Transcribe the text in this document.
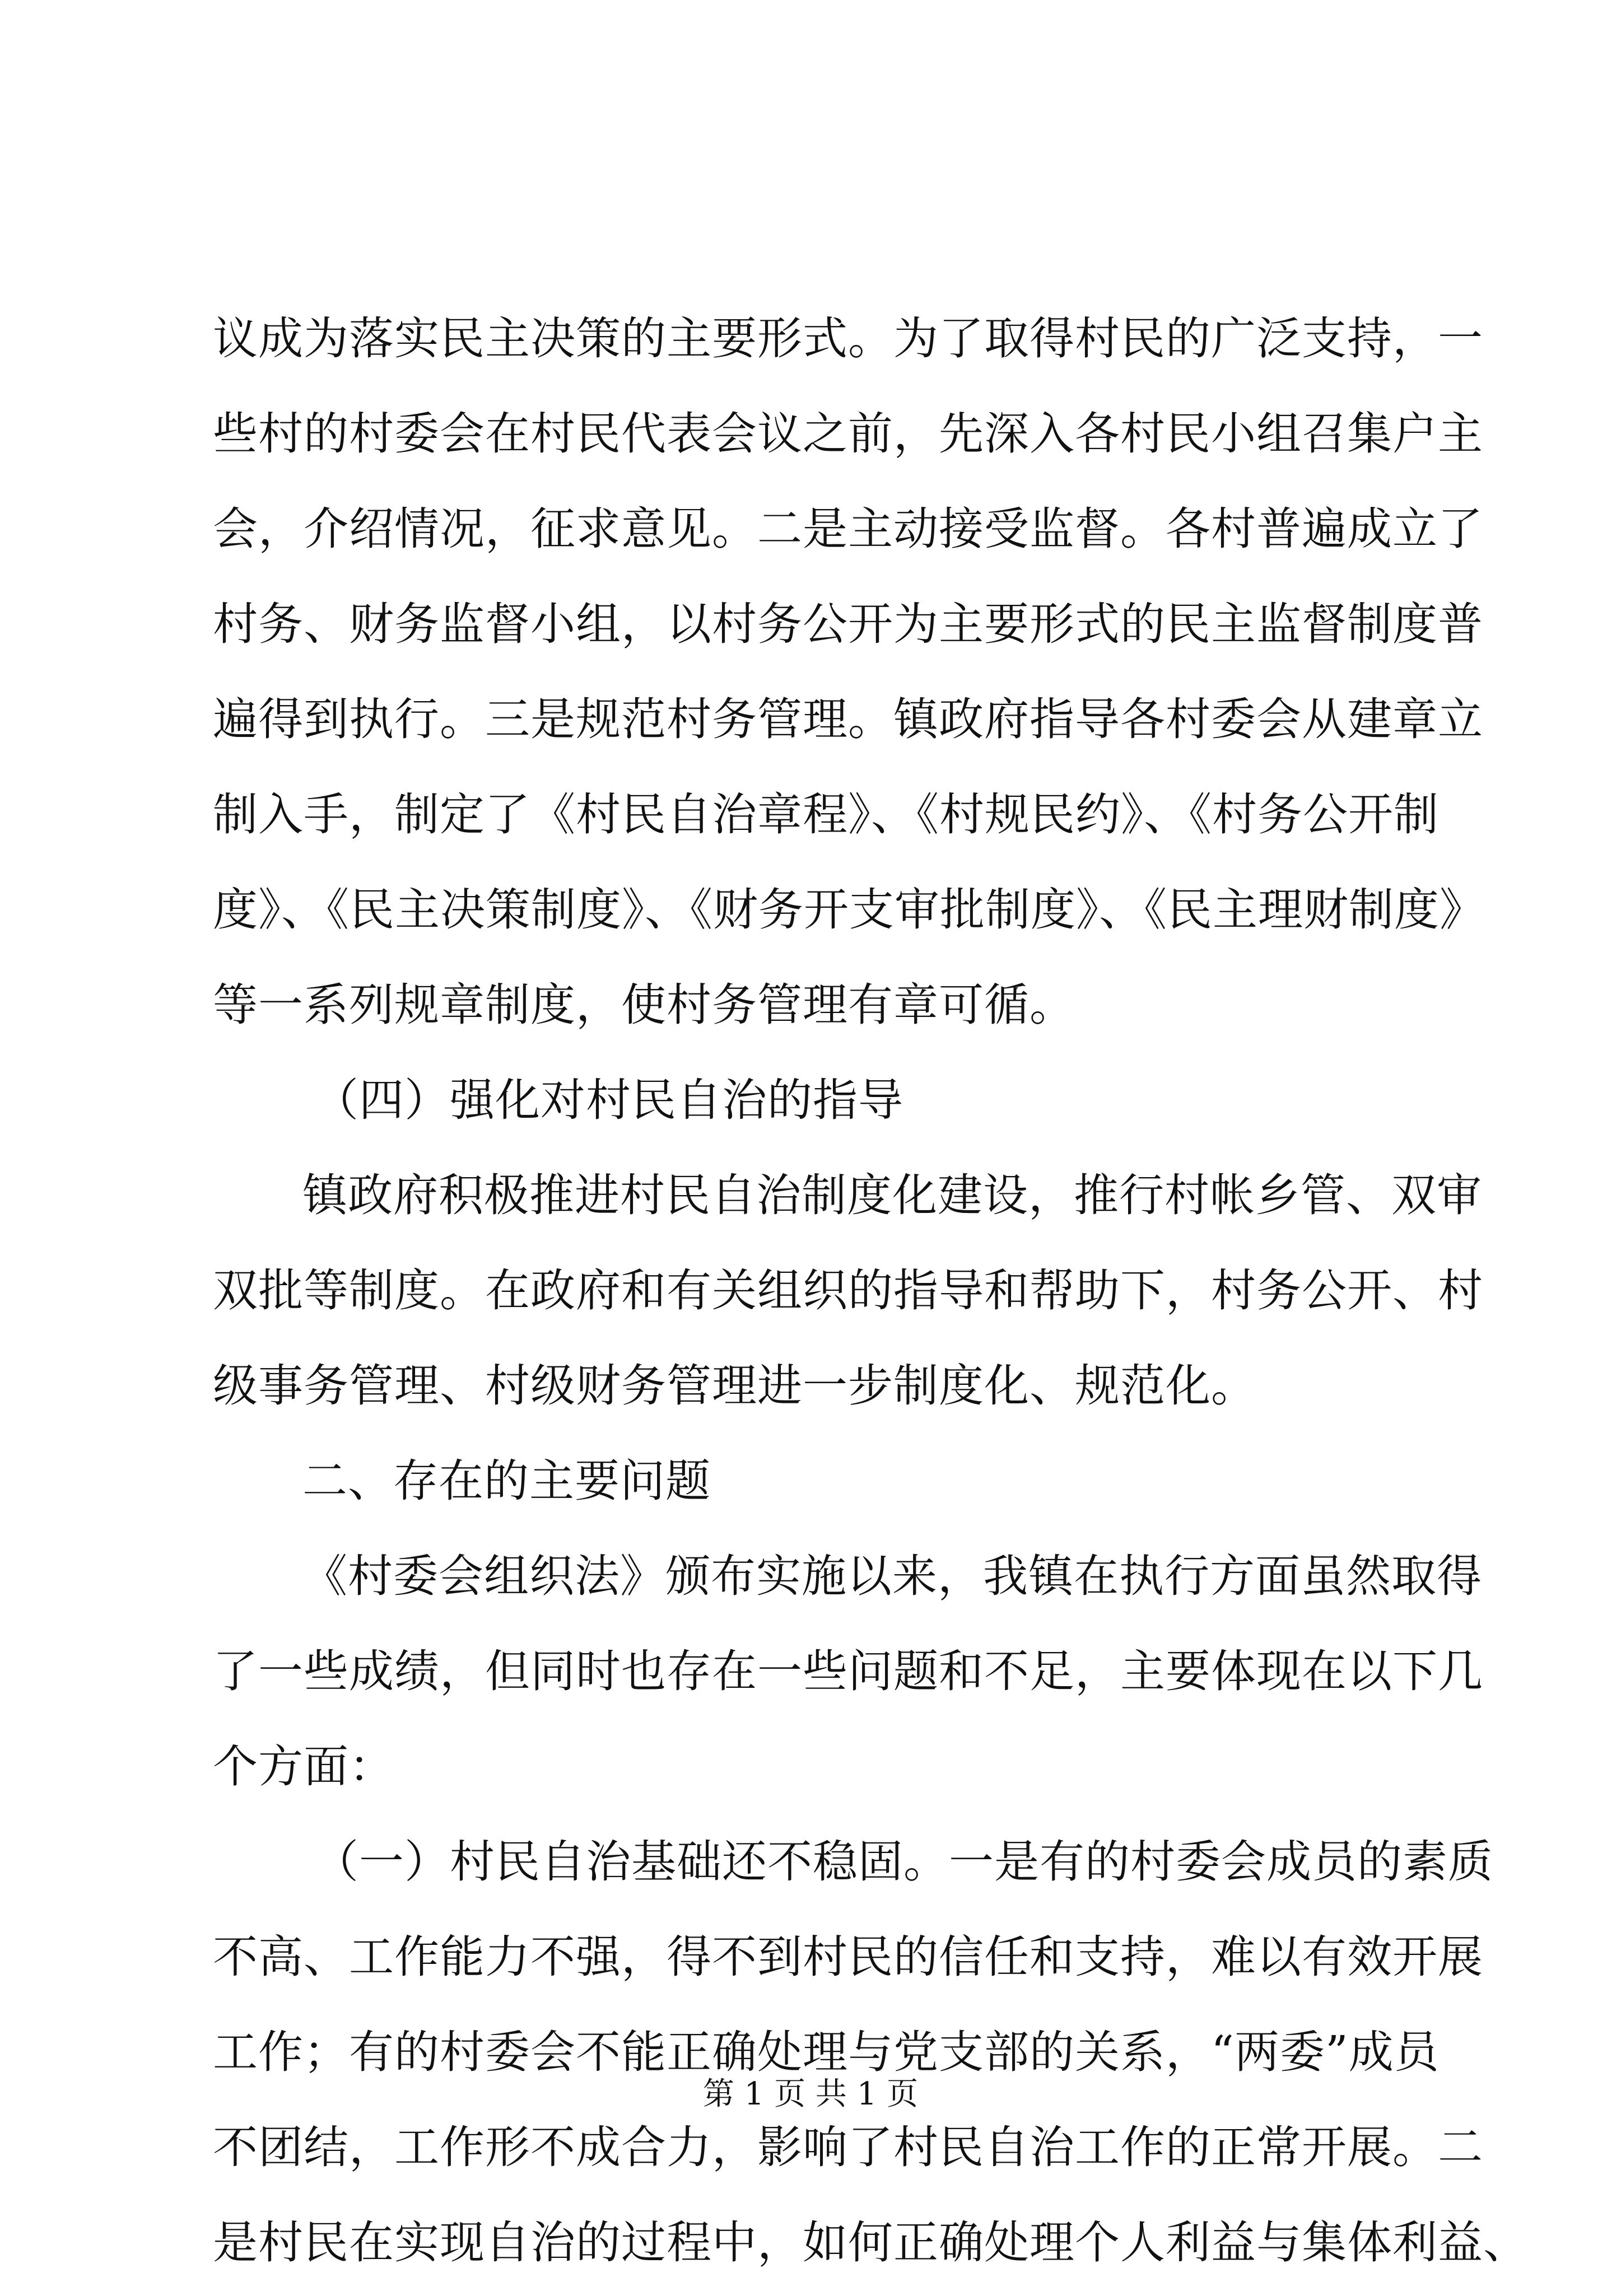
议成为落实民主决策的主要形式。为了取得村民的广泛支持，一
些村的村委会在村民代表会议之前，先深入各村民小组召集户主
会，介绍情况，征求意见。二是主动接受监督。各村普遍成立了
村务、财务监督小组，以村务公开为主要形式的民主监督制度普
遍得到执行。三是规范村务管理。镇政府指导各村委会从建章立
制入手，制定了《村民自治章程》、《村规民约》、《村务公开制
度》、《民主决策制度》、《财务开支审批制度》、《民主理财制度》
等一系列规章制度，使村务管理有章可循。
（四）强化对村民自治的指导
镇政府积极推进村民自治制度化建设，推行村帐乡管、双审
双批等制度。在政府和有关组织的指导和帮助下，村务公开、村
级事务管理、村级财务管理进一步制度化、规范化。
二、存在的主要问题
《村委会组织法》颁布实施以来，我镇在执行方面虽然取得
了一些成绩，但同时也存在一些问题和不足，主要体现在以下几
个方面：
（一）村民自治基础还不稳固。一是有的村委会成员的素质
不高、工作能力不强，得不到村民的信任和支持，难以有效开展
工作；有的村委会不能正确处理与党支部的关系，“两委”成员
不团结，工作形不成合力，影响了村民自治工作的正常开展。二
是村民在实现自治的过程中，如何正确处理个人利益与集体利益、
第 1 页 共 1 页
